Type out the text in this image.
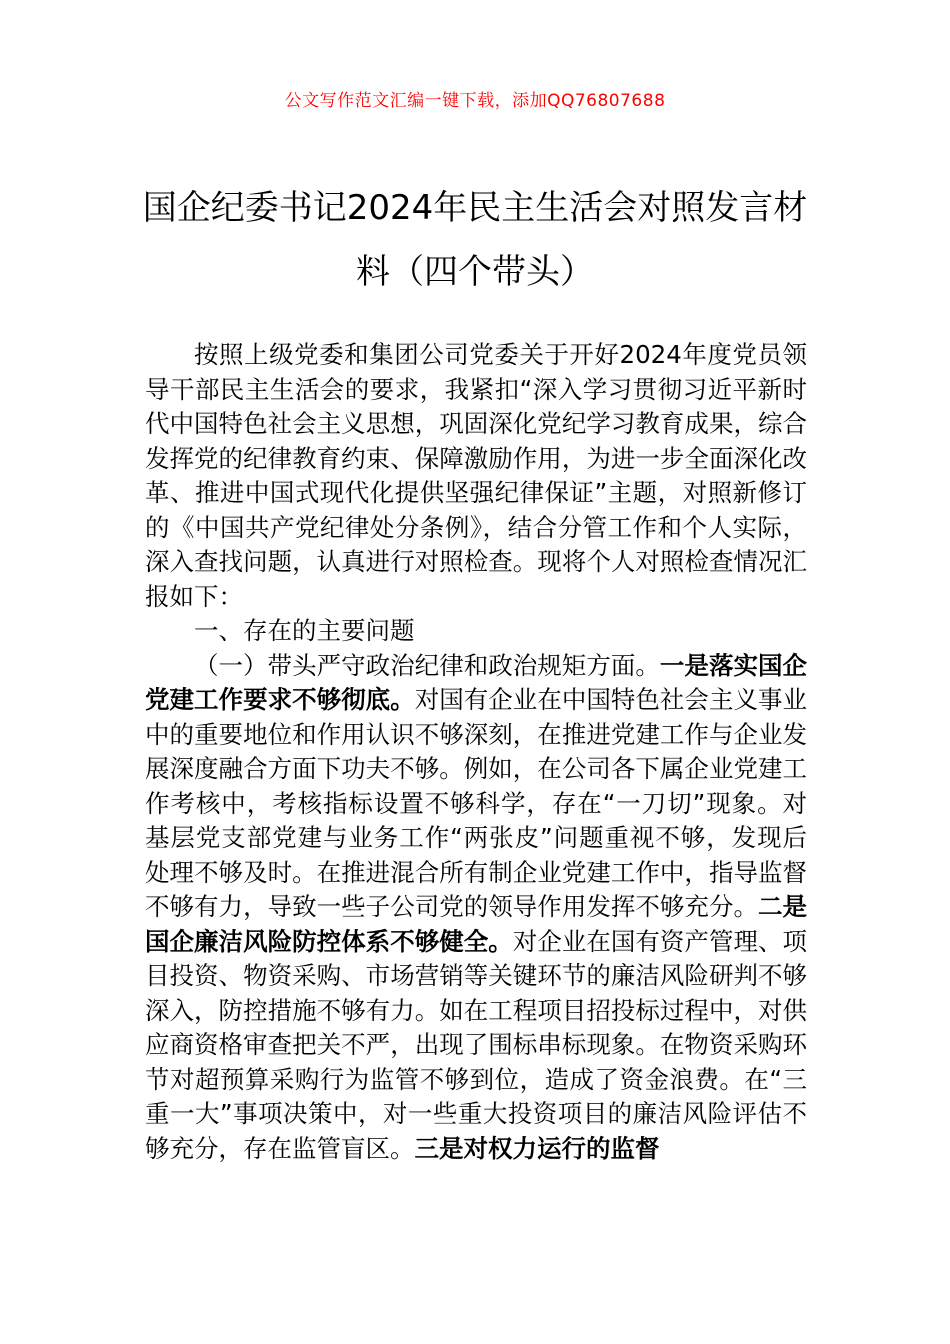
公文写作范文汇编一键下载，添加QQ76807688
国企纪委书记2024年民主生活会对照发言材料（四个带头）

按照上级党委和集团公司党委关于开好2024年度党员领导干部民主生活会的要求，我紧扣“深入学习贯彻习近平新时代中国特色社会主义思想，巩固深化党纪学习教育成果，综合发挥党的纪律教育约束、保障激励作用，为进一步全面深化改革、推进中国式现代化提供坚强纪律保证”主题，对照新修订的《中国共产党纪律处分条例》，结合分管工作和个人实际，深入查找问题，认真进行对照检查。现将个人对照检查情况汇报如下：

一、存在的主要问题

（一）带头严守政治纪律和政治规矩方面。一是落实国企党建工作要求不够彻底。对国有企业在中国特色社会主义事业中的重要地位和作用认识不够深刻，在推进党建工作与企业发展深度融合方面下功夫不够。例如，在公司各下属企业党建工作考核中，考核指标设置不够科学，存在“一刀切”现象。对基层党支部党建与业务工作“两张皮”问题重视不够，发现后处理不够及时。在推进混合所有制企业党建工作中，指导监督不够有力，导致一些子公司党的领导作用发挥不够充分。二是国企廉洁风险防控体系不够健全。对企业在国有资产管理、项目投资、物资采购、市场营销等关键环节的廉洁风险研判不够深入，防控措施不够有力。如在工程项目招投标过程中，对供应商资格审查把关不严，出现了围标串标现象。在物资采购环节对超预算采购行为监管不够到位，造成了资金浪费。在“三重一大”事项决策中，对一些重大投资项目的廉洁风险评估不够充分，存在监管盲区。三是对权力运行的监督
